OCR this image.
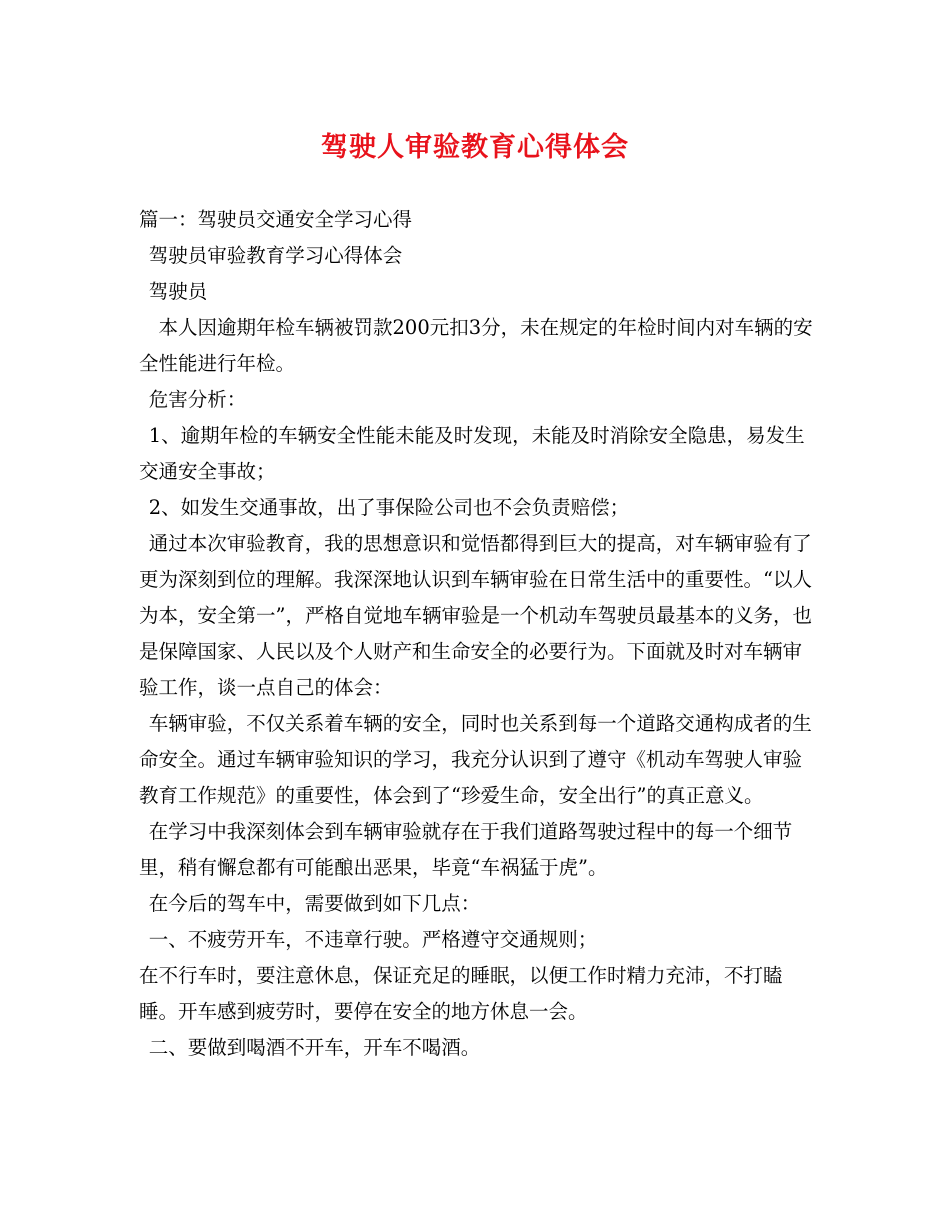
驾驶人审验教育心得体会

篇一：驾驶员交通安全学习心得

驾驶员审验教育学习心得体会

驾驶员

本人因逾期年检车辆被罚款200元扣3分，未在规定的年检时间内对车辆的安全性能进行年检。

危害分析：

1、逾期年检的车辆安全性能未能及时发现，未能及时消除安全隐患，易发生交通安全事故；

2、如发生交通事故，出了事保险公司也不会负责赔偿；

通过本次审验教育，我的思想意识和觉悟都得到巨大的提高，对车辆审验有了更为深刻到位的理解。我深深地认识到车辆审验在日常生活中的重要性。“以人为本，安全第一”，严格自觉地车辆审验是一个机动车驾驶员最基本的义务，也是保障国家、人民以及个人财产和生命安全的必要行为。下面就及时对车辆审验工作，谈一点自己的体会：

车辆审验，不仅关系着车辆的安全，同时也关系到每一个道路交通构成者的生命安全。通过车辆审验知识的学习，我充分认识到了遵守《机动车驾驶人审验教育工作规范》的重要性，体会到了“珍爱生命，安全出行”的真正意义。

在学习中我深刻体会到车辆审验就存在于我们道路驾驶过程中的每一个细节里，稍有懈怠都有可能酿出恶果，毕竟“车祸猛于虎”。

在今后的驾车中，需要做到如下几点：

一、不疲劳开车，不违章行驶。严格遵守交通规则；

在不行车时，要注意休息，保证充足的睡眠，以便工作时精力充沛，不打瞌睡。开车感到疲劳时，要停在安全的地方休息一会。

二、要做到喝酒不开车，开车不喝酒。
